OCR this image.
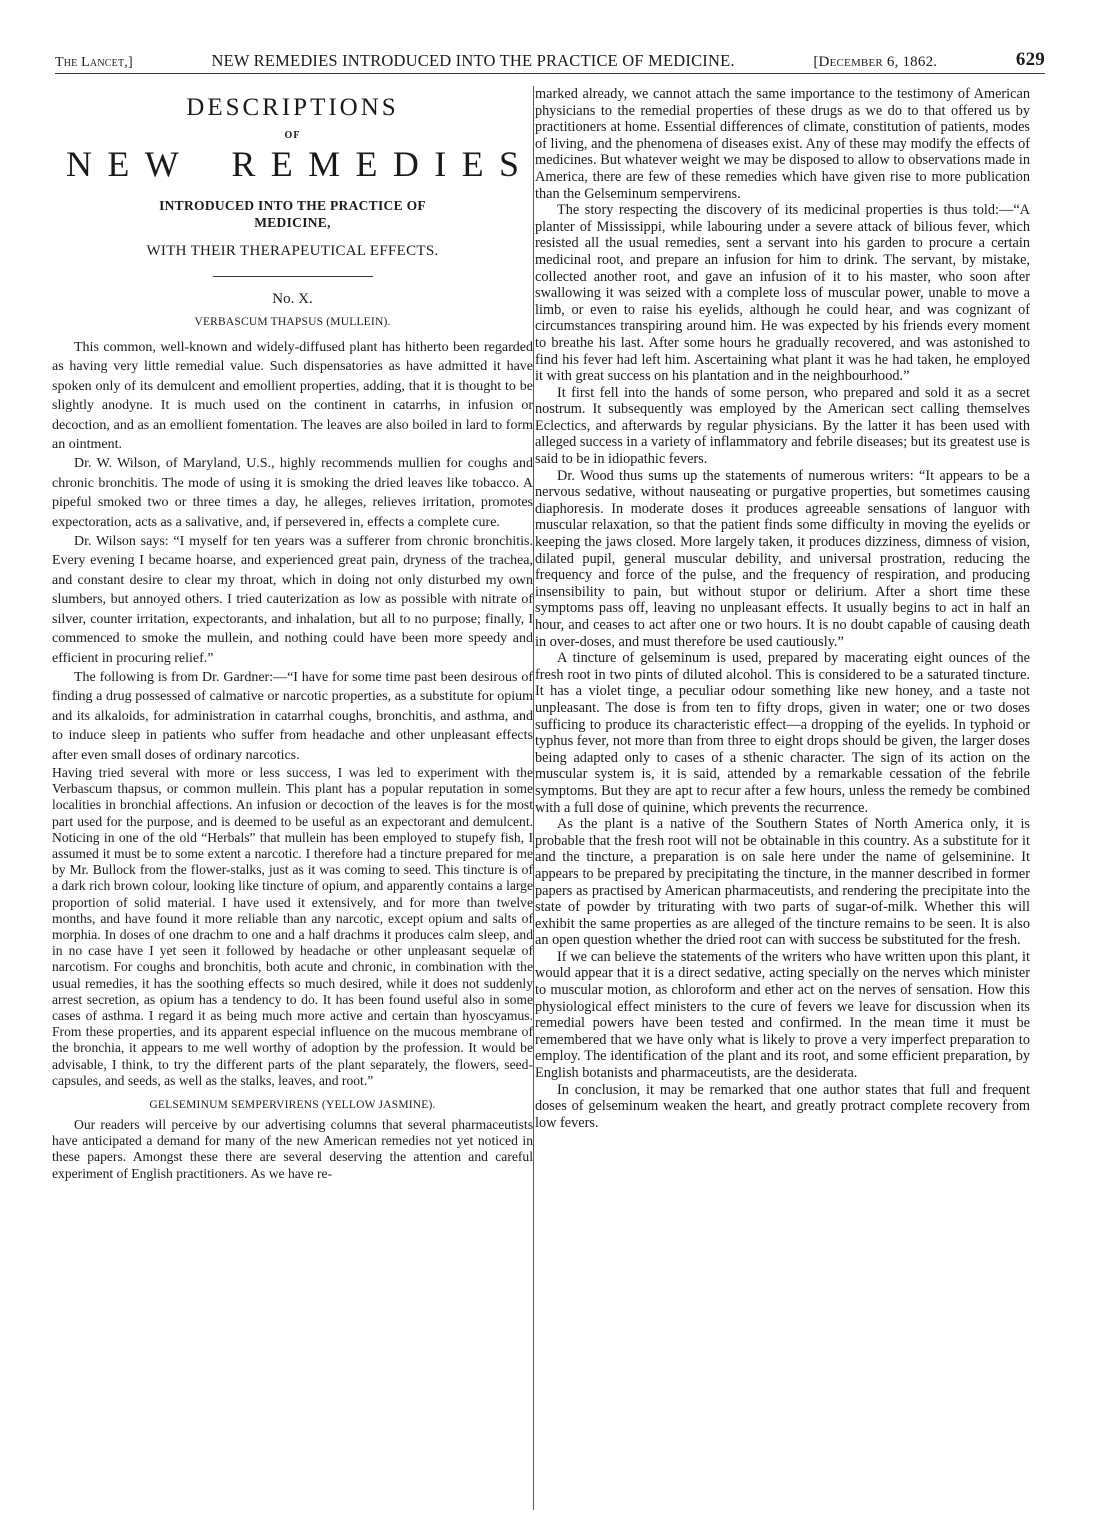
The Lancet,]	NEW REMEDIES INTRODUCED INTO THE PRACTICE OF MEDICINE.	[December 6, 1862.	629
DESCRIPTIONS
OF
N E W R E M E D I E S
INTRODUCED INTO THE PRACTICE OF MEDICINE,
WITH THEIR THERAPEUTICAL EFFECTS.
No. X.
VERBASCUM THAPSUS (MULLEIN).

This common, well-known and widely-diffused plant has hitherto been regarded as having very little remedial value. Such dispensatories as have admitted it have spoken only of its demulcent and emollient properties, adding, that it is thought to be slightly anodyne. It is much used on the continent in catarrhs, in infusion or decoction, and as an emollient fomentation. The leaves are also boiled in lard to form an ointment.

Dr. W. Wilson, of Maryland, U.S., highly recommends mullien for coughs and chronic bronchitis. The mode of using it is smoking the dried leaves like tobacco. A pipeful smoked two or three times a day, he alleges, relieves irritation, promotes expectoration, acts as a salivative, and, if persevered in, effects a complete cure.

Dr. Wilson says: “I myself for ten years was a sufferer from chronic bronchitis. Every evening I became hoarse, and experienced great pain, dryness of the trachea, and constant desire to clear my throat, which in doing not only disturbed my own slumbers, but annoyed others. I tried cauterization as low as possible with nitrate of silver, counter irritation, expectorants, and inhalation, but all to no purpose; finally, I commenced to smoke the mullein, and nothing could have been more speedy and efficient in procuring relief.”

The following is from Dr. Gardner:—“I have for some time past been desirous of finding a drug possessed of calmative or narcotic properties, as a substitute for opium and its alkaloids, for administration in catarrhal coughs, bronchitis, and asthma, and to induce sleep in patients who suffer from headache and other unpleasant effects after even small doses of ordinary narcotics.

Having tried several with more or less success, I was led to experiment with the Verbascum thapsus, or common mullein. This plant has a popular reputation in some localities in bronchial affections. An infusion or decoction of the leaves is for the most part used for the purpose, and is deemed to be useful as an expectorant and demulcent. Noticing in one of the old “Herbals” that mullein has been employed to stupefy fish, I assumed it must be to some extent a narcotic. I therefore had a tincture prepared for me by Mr. Bullock from the flower-stalks, just as it was coming to seed. This tincture is of a dark rich brown colour, looking like tincture of opium, and apparently contains a large proportion of solid material. I have used it extensively, and for more than twelve months, and have found it more reliable than any narcotic, except opium and salts of morphia. In doses of one drachm to one and a half drachms it produces calm sleep, and in no case have I yet seen it followed by headache or other unpleasant sequelæ of narcotism. For coughs and bronchitis, both acute and chronic, in combination with the usual remedies, it has the soothing effects so much desired, while it does not suddenly arrest secretion, as opium has a tendency to do. It has been found useful also in some cases of asthma. I regard it as being much more active and certain than hyoscyamus. From these properties, and its apparent especial influence on the mucous membrane of the bronchia, it appears to me well worthy of adoption by the profession. It would be advisable, I think, to try the different parts of the plant separately, the flowers, seed-capsules, and seeds, as well as the stalks, leaves, and root.”

GELSEMINUM SEMPERVIRENS (YELLOW JASMINE).

Our readers will perceive by our advertising columns that several pharmaceutists have anticipated a demand for many of the new American remedies not yet noticed in these papers. Amongst these there are several deserving the attention and careful experiment of English practitioners. As we have re-

marked already, we cannot attach the same importance to the testimony of American physicians to the remedial properties of these drugs as we do to that offered us by practitioners at home. Essential differences of climate, constitution of patients, modes of living, and the phenomena of diseases exist. Any of these may modify the effects of medicines. But whatever weight we may be disposed to allow to observations made in America, there are few of these remedies which have given rise to more publication than the Gelseminum sempervirens.

The story respecting the discovery of its medicinal properties is thus told:—“A planter of Mississippi, while labouring under a severe attack of bilious fever, which resisted all the usual remedies, sent a servant into his garden to procure a certain medicinal root, and prepare an infusion for him to drink. The servant, by mistake, collected another root, and gave an infusion of it to his master, who soon after swallowing it was seized with a complete loss of muscular power, unable to move a limb, or even to raise his eyelids, although he could hear, and was cognizant of circumstances transpiring around him. He was expected by his friends every moment to breathe his last. After some hours he gradually recovered, and was astonished to find his fever had left him. Ascertaining what plant it was he had taken, he employed it with great success on his plantation and in the neighbourhood.”

It first fell into the hands of some person, who prepared and sold it as a secret nostrum. It subsequently was employed by the American sect calling themselves Eclectics, and afterwards by regular physicians. By the latter it has been used with alleged success in a variety of inflammatory and febrile diseases; but its greatest use is said to be in idiopathic fevers.

Dr. Wood thus sums up the statements of numerous writers: “It appears to be a nervous sedative, without nauseating or purgative properties, but sometimes causing diaphoresis. In moderate doses it produces agreeable sensations of languor with muscular relaxation, so that the patient finds some difficulty in moving the eyelids or keeping the jaws closed. More largely taken, it produces dizziness, dimness of vision, dilated pupil, general muscular debility, and universal prostration, reducing the frequency and force of the pulse, and the frequency of respiration, and producing insensibility to pain, but without stupor or delirium. After a short time these symptoms pass off, leaving no unpleasant effects. It usually begins to act in half an hour, and ceases to act after one or two hours. It is no doubt capable of causing death in over-doses, and must therefore be used cautiously.”

A tincture of gelseminum is used, prepared by macerating eight ounces of the fresh root in two pints of diluted alcohol. This is considered to be a saturated tincture. It has a violet tinge, a peculiar odour something like new honey, and a taste not unpleasant. The dose is from ten to fifty drops, given in water; one or two doses sufficing to produce its characteristic effect—a dropping of the eyelids. In typhoid or typhus fever, not more than from three to eight drops should be given, the larger doses being adapted only to cases of a sthenic character. The sign of its action on the muscular system is, it is said, attended by a remarkable cessation of the febrile symptoms. But they are apt to recur after a few hours, unless the remedy be combined with a full dose of quinine, which prevents the recurrence.

As the plant is a native of the Southern States of North America only, it is probable that the fresh root will not be obtainable in this country. As a substitute for it and the tincture, a preparation is on sale here under the name of gelseminine. It appears to be prepared by precipitating the tincture, in the manner described in former papers as practised by American pharmaceutists, and rendering the precipitate into the state of powder by triturating with two parts of sugar-of-milk. Whether this will exhibit the same properties as are alleged of the tincture remains to be seen. It is also an open question whether the dried root can with success be substituted for the fresh.

If we can believe the statements of the writers who have written upon this plant, it would appear that it is a direct sedative, acting specially on the nerves which minister to muscular motion, as chloroform and ether act on the nerves of sensation. How this physiological effect ministers to the cure of fevers we leave for discussion when its remedial powers have been tested and confirmed. In the mean time it must be remembered that we have only what is likely to prove a very imperfect preparation to employ. The identification of the plant and its root, and some efficient preparation, by English botanists and pharmaceutists, are the desiderata.

In conclusion, it may be remarked that one author states that full and frequent doses of gelseminum weaken the heart, and greatly protract complete recovery from low fevers.
